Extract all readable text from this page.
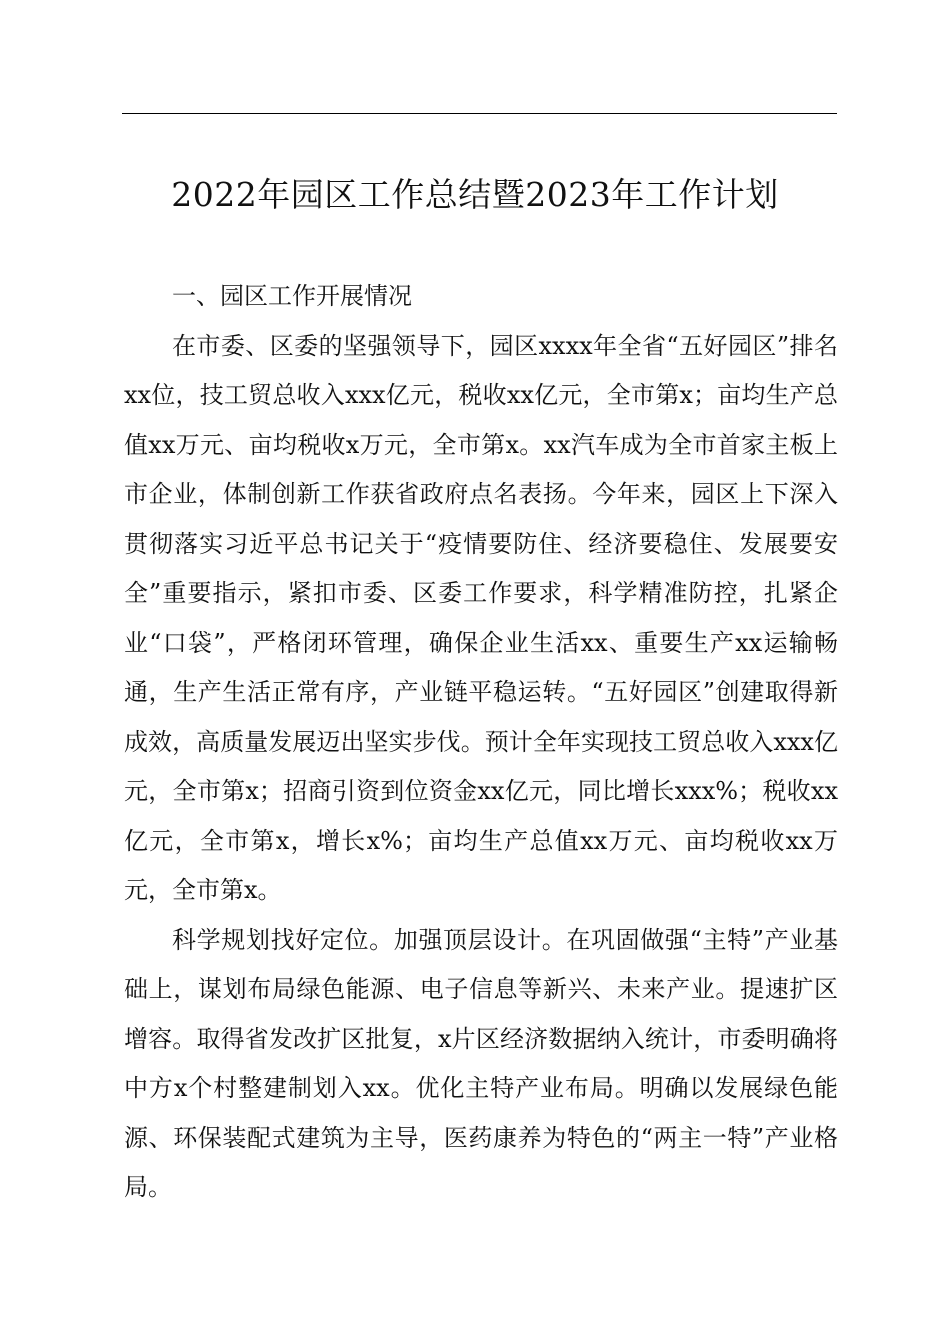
2022年园区工作总结暨2023年工作计划

一、园区工作开展情况

在市委、区委的坚强领导下，园区xxxx年全省“五好园区”排名xx位，技工贸总收入xxx亿元，税收xx亿元，全市第x；亩均生产总值xx万元、亩均税收x万元，全市第x。xx汽车成为全市首家主板上市企业，体制创新工作获省政府点名表扬。今年来，园区上下深入贯彻落实习近平总书记关于“疫情要防住、经济要稳住、发展要安全”重要指示，紧扣市委、区委工作要求，科学精准防控，扎紧企业“口袋”，严格闭环管理，确保企业生活xx、重要生产xx运输畅通，生产生活正常有序，产业链平稳运转。“五好园区”创建取得新成效，高质量发展迈出坚实步伐。预计全年实现技工贸总收入xxx亿元，全市第x；招商引资到位资金xx亿元，同比增长xxx%；税收xx亿元，全市第x，增长x%；亩均生产总值xx万元、亩均税收xx万元，全市第x。

科学规划找好定位。加强顶层设计。在巩固做强“主特”产业基础上，谋划布局绿色能源、电子信息等新兴、未来产业。提速扩区增容。取得省发改扩区批复，x片区经济数据纳入统计，市委明确将中方x个村整建制划入xx。优化主特产业布局。明确以发展绿色能源、环保装配式建筑为主导，医药康养为特色的“两主一特”产业格局。
